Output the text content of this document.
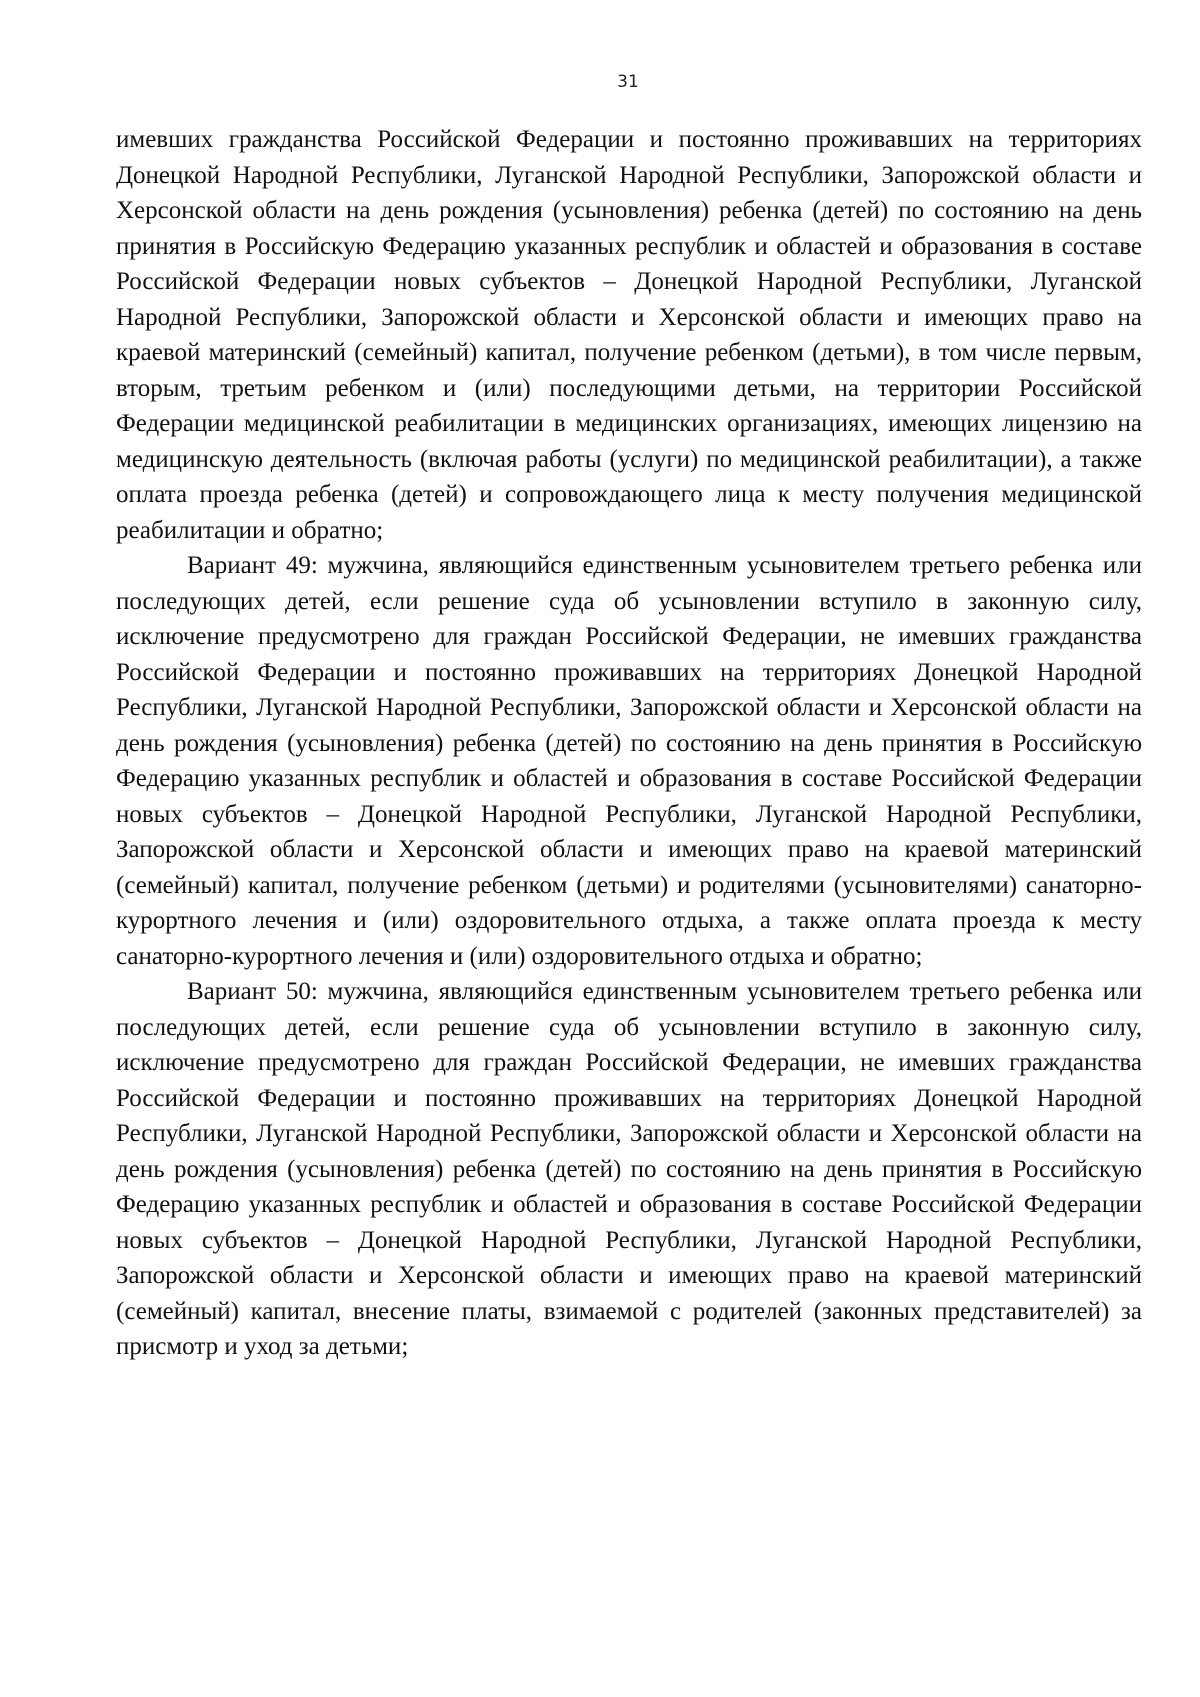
31

имевших гражданства Российской Федерации и постоянно проживавших на территориях Донецкой Народной Республики, Луганской Народной Республики, Запорожской области и Херсонской области на день рождения (усыновления) ребенка (детей) по состоянию на день принятия в Российскую Федерацию указанных республик и областей и образования в составе Российской Федерации новых субъектов – Донецкой Народной Республики, Луганской Народной Республики, Запорожской области и Херсонской области и имеющих право на краевой материнский (семейный) капитал, получение ребенком (детьми), в том числе первым, вторым, третьим ребенком и (или) последующими детьми, на территории Российской Федерации медицинской реабилитации в медицинских организациях, имеющих лицензию на медицинскую деятельность (включая работы (услуги) по медицинской реабилитации), а также оплата проезда ребенка (детей) и сопровождающего лица к месту получения медицинской реабилитации и обратно;

Вариант 49: мужчина, являющийся единственным усыновителем третьего ребенка или последующих детей, если решение суда об усыновлении вступило в законную силу, исключение предусмотрено для граждан Российской Федерации, не имевших гражданства Российской Федерации и постоянно проживавших на территориях Донецкой Народной Республики, Луганской Народной Республики, Запорожской области и Херсонской области на день рождения (усыновления) ребенка (детей) по состоянию на день принятия в Российскую Федерацию указанных республик и областей и образования в составе Российской Федерации новых субъектов – Донецкой Народной Республики, Луганской Народной Республики, Запорожской области и Херсонской области и имеющих право на краевой материнский (семейный) капитал, получение ребенком (детьми) и родителями (усыновителями) санаторно-курортного лечения и (или) оздоровительного отдыха, а также оплата проезда к месту санаторно-курортного лечения и (или) оздоровительного отдыха и обратно;

Вариант 50: мужчина, являющийся единственным усыновителем третьего ребенка или последующих детей, если решение суда об усыновлении вступило в законную силу, исключение предусмотрено для граждан Российской Федерации, не имевших гражданства Российской Федерации и постоянно проживавших на территориях Донецкой Народной Республики, Луганской Народной Республики, Запорожской области и Херсонской области на день рождения (усыновления) ребенка (детей) по состоянию на день принятия в Российскую Федерацию указанных республик и областей и образования в составе Российской Федерации новых субъектов – Донецкой Народной Республики, Луганской Народной Республики, Запорожской области и Херсонской области и имеющих право на краевой материнский (семейный) капитал, внесение платы, взимаемой с родителей (законных представителей) за присмотр и уход за детьми;
